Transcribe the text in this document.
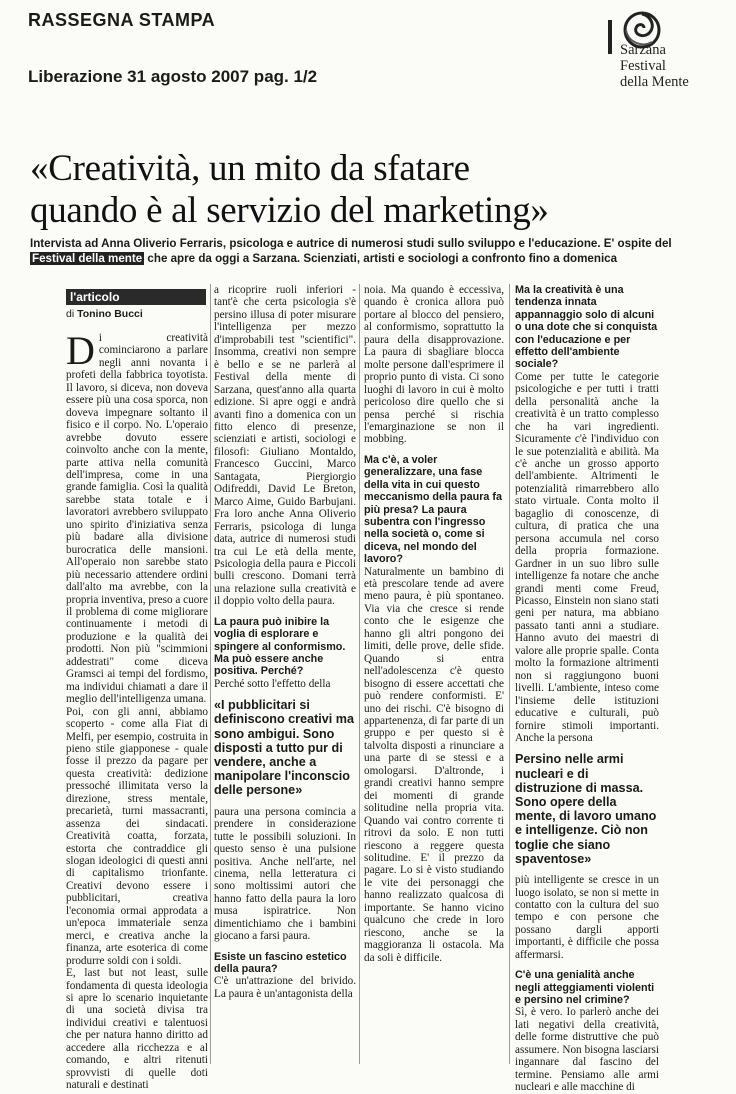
RASSEGNA STAMPA
Liberazione 31 agosto 2007 pag. 1/2
Sarzana
Festival
della Mente
«Creatività, un mito da sfatare
quando è al servizio del marketing»
Intervista ad Anna Oliverio Ferraris, psicologa e autrice di numerosi studi sullo sviluppo e l'educazione. E' ospite del Festival della mente che apre da oggi a Sarzana. Scienziati, artisti e sociologi a confronto fino a domenica
l'articolo
di Tonino Bucci

Di creatività cominciarono a parlare negli anni novanta i profeti della fabbrica toyotista. Il lavoro, si diceva, non doveva essere più una cosa sporca, non doveva impegnare soltanto il fisico e il corpo. No. L'operaio avrebbe dovuto essere coinvolto anche con la mente, parte attiva nella comunità dell'impresa, come in una grande famiglia. Così la qualità sarebbe stata totale e i lavoratori avrebbero sviluppato uno spirito d'iniziativa senza più badare alla divisione burocratica delle mansioni. All'operaio non sarebbe stato più necessario attendere ordini dall'alto ma avrebbe, con la propria inventiva, preso a cuore il problema di come migliorare continuamente i metodi di produzione e la qualità dei prodotti. Non più "scimmioni addestrati" come diceva Gramsci ai tempi del fordismo, ma individui chiamati a dare il meglio dell'intelligenza umana.

Poi, con gli anni, abbiamo scoperto - come alla Fiat di Melfi, per esempio, costruita in pieno stile giapponese - quale fosse il prezzo da pagare per questa creatività: dedizione pressoché illimitata verso la direzione, stress mentale, precarietà, turni massacranti, assenza dei sindacati. Creatività coatta, forzata, estorta che contraddice gli slogan ideologici di questi anni di capitalismo trionfante. Creativi devono essere i pubblicitari, creativa l'economia ormai approdata a un'epoca immateriale senza merci, e creativa anche la finanza, arte esoterica di come produrre soldi con i soldi.

E, last but not least, sulle fondamenta di questa ideologia si apre lo scenario inquietante di una società divisa tra individui creativi e talentuosi che per natura hanno diritto ad accedere alla ricchezza e al comando, e altri ritenuti sprovvisti di quelle doti naturali e destinati

a ricoprire ruoli inferiori - tant'è che certa psicologia s'è persino illusa di poter misurare l'intelligenza per mezzo d'improbabili test "scientifici". Insomma, creativi non sempre è bello e se ne parlerà al Festival della mente di Sarzana, quest'anno alla quarta edizione. Si apre oggi e andrà avanti fino a domenica con un fitto elenco di presenze, scienziati e artisti, sociologi e filosofi: Giuliano Montaldo, Francesco Guccini, Marco Santagata, Piergiorgio Odifreddi, David Le Breton, Marco Aime, Guido Barbujani. Fra loro anche Anna Oliverio Ferraris, psicologa di lunga data, autrice di numerosi studi tra cui Le età della mente, Psicologia della paura e Piccoli bulli crescono. Domani terrà una relazione sulla creatività e il doppio volto della paura.

La paura può inibire la voglia di esplorare e spingere al conformismo. Ma può essere anche positiva. Perché?

Perché sotto l'effetto della

«I pubblicitari si definiscono creativi ma sono ambigui. Sono disposti a tutto pur di vendere, anche a manipolare l'inconscio delle persone»

paura una persona comincia a prendere in considerazione tutte le possibili soluzioni. In questo senso è una pulsione positiva. Anche nell'arte, nel cinema, nella letteratura ci sono moltissimi autori che hanno fatto della paura la loro musa ispiratrice. Non dimentichiamo che i bambini giocano a farsi paura.

Esiste un fascino estetico della paura?

C'è un'attrazione del brivido. La paura è un'antagonista della

noia. Ma quando è eccessiva, quando è cronica allora può portare al blocco del pensiero, al conformismo, soprattutto la paura della disapprovazione. La paura di sbagliare blocca molte persone dall'esprimere il proprio punto di vista. Ci sono luoghi di lavoro in cui è molto pericoloso dire quello che si pensa perché si rischia l'emarginazione se non il mobbing.

Ma c'è, a voler generalizzare, una fase della vita in cui questo meccanismo della paura fa più presa? La paura subentra con l'ingresso nella società o, come si diceva, nel mondo del lavoro?

Naturalmente un bambino di età prescolare tende ad avere meno paura, è più spontaneo. Via via che cresce si rende conto che le esigenze che hanno gli altri pongono dei limiti, delle prove, delle sfide. Quando si entra nell'adolescenza c'è questo bisogno di essere accettati che può rendere conformisti. E' uno dei rischi. C'è bisogno di appartenenza, di far parte di un gruppo e per questo si è talvolta disposti a rinunciare a una parte di se stessi e a omologarsi. D'altronde, i grandi creativi hanno sempre dei momenti di grande solitudine nella propria vita. Quando vai contro corrente ti ritrovi da solo. E non tutti riescono a reggere questa solitudine. E' il prezzo da pagare. Lo si è visto studiando le vite dei personaggi che hanno realizzato qualcosa di importante. Se hanno vicino qualcuno che crede in loro riescono, anche se la maggioranza li ostacola. Ma da soli è difficile.

Ma la creatività è una tendenza innata appannaggio solo di alcuni o una dote che si conquista con l'educazione e per effetto dell'ambiente sociale?

Come per tutte le categorie psicologiche e per tutti i tratti della personalità anche la creatività è un tratto complesso che ha vari ingredienti. Sicuramente c'è l'individuo con le sue potenzialità e abilità. Ma c'è anche un grosso apporto dell'ambiente. Altrimenti le potenzialità rimarrebbero allo stato virtuale. Conta molto il bagaglio di conoscenze, di cultura, di pratica che una persona accumula nel corso della propria formazione. Gardner in un suo libro sulle intelligenze fa notare che anche grandi menti come Freud, Picasso, Einstein non siano stati geni per natura, ma abbiano passato tanti anni a studiare. Hanno avuto dei maestri di valore alle proprie spalle. Conta molto la formazione altrimenti non si raggiungono buoni livelli. L'ambiente, inteso come l'insieme delle istituzioni educative e culturali, può fornire stimoli importanti. Anche la persona

Persino nelle armi nucleari e di distruzione di massa. Sono opere della mente, di lavoro umano e intelligenze. Ciò non toglie che siano spaventose»

più intelligente se cresce in un luogo isolato, se non si mette in contatto con la cultura del suo tempo e con persone che possano dargli apporti importanti, è difficile che possa affermarsi.

C'è una genialità anche negli atteggiamenti violenti e persino nel crimine?

Sì, è vero. Io parlerò anche dei lati negativi della creatività, delle forme distruttive che può assumere. Non bisogna lasciarsi ingannare dal fascino del termine. Pensiamo alle armi nucleari e alle macchine di
